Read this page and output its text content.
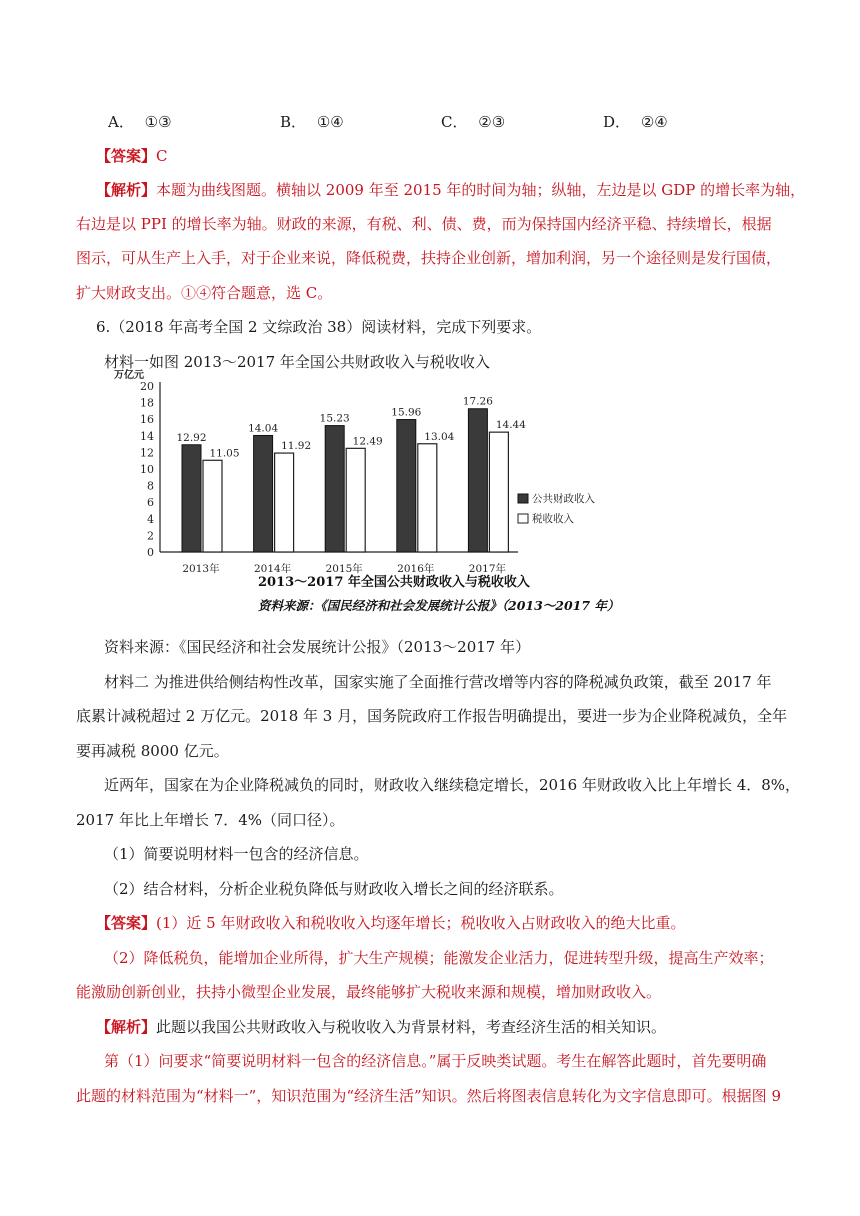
A． ①③	B． ①④	C． ②③	D． ②④
【答案】C
【解析】本题为曲线图题。横轴以 2009 年至 2015 年的时间为轴；纵轴，左边是以 GDP 的增长率为轴，
右边是以 PPI 的增长率为轴。财政的来源，有税、利、债、费，而为保持国内经济平稳、持续增长，根据
图示，可从生产上入手，对于企业来说，降低税费，扶持企业创新，增加利润，另一个途径则是发行国债，
扩大财政支出。①④符合题意，选 C。
6.（2018 年高考全国 2 文综政治 38）阅读材料，完成下列要求。
材料一如图 2013～2017 年全国公共财政收入与税收收入
万亿元
0
2
4
6
8
10
12
14
16
18
20
12.92
11.05
2013年
14.04
11.92
2014年
15.23
12.49
2015年
15.96
13.04
2016年
17.26
14.44
2017年
公共财政收入
税收收入
2013～2017 年全国公共财政收入与税收收入
资料来源：《国民经济和社会发展统计公报》（2013～2017 年）
资料来源：《国民经济和社会发展统计公报》（2013～2017 年）
材料二 为推进供给侧结构性改革，国家实施了全面推行营改增等内容的降税减负政策，截至 2017 年
底累计减税超过 2 万亿元。2018 年 3 月，国务院政府工作报告明确提出，要进一步为企业降税减负，全年
要再减税 8000 亿元。
近两年，国家在为企业降税减负的同时，财政收入继续稳定增长，2016 年财政收入比上年增长 4．8%，
2017 年比上年增长 7．4%（同口径）。
（1）简要说明材料一包含的经济信息。
（2）结合材料，分析企业税负降低与财政收入增长之间的经济联系。
【答案】(1）近 5 年财政收入和税收收入均逐年增长；税收收入占财政收入的绝大比重。
（2）降低税负，能增加企业所得，扩大生产规模；能激发企业活力，促进转型升级，提高生产效率；
能激励创新创业，扶持小微型企业发展，最终能够扩大税收来源和规模，增加财政收入。
【解析】此题以我国公共财政收入与税收收入为背景材料，考查经济生活的相关知识。
第（1）问要求“简要说明材料一包含的经济信息。”属于反映类试题。考生在解答此题时，首先要明确
此题的材料范围为“材料一”，知识范围为“经济生活”知识。然后将图表信息转化为文字信息即可。根据图 9
